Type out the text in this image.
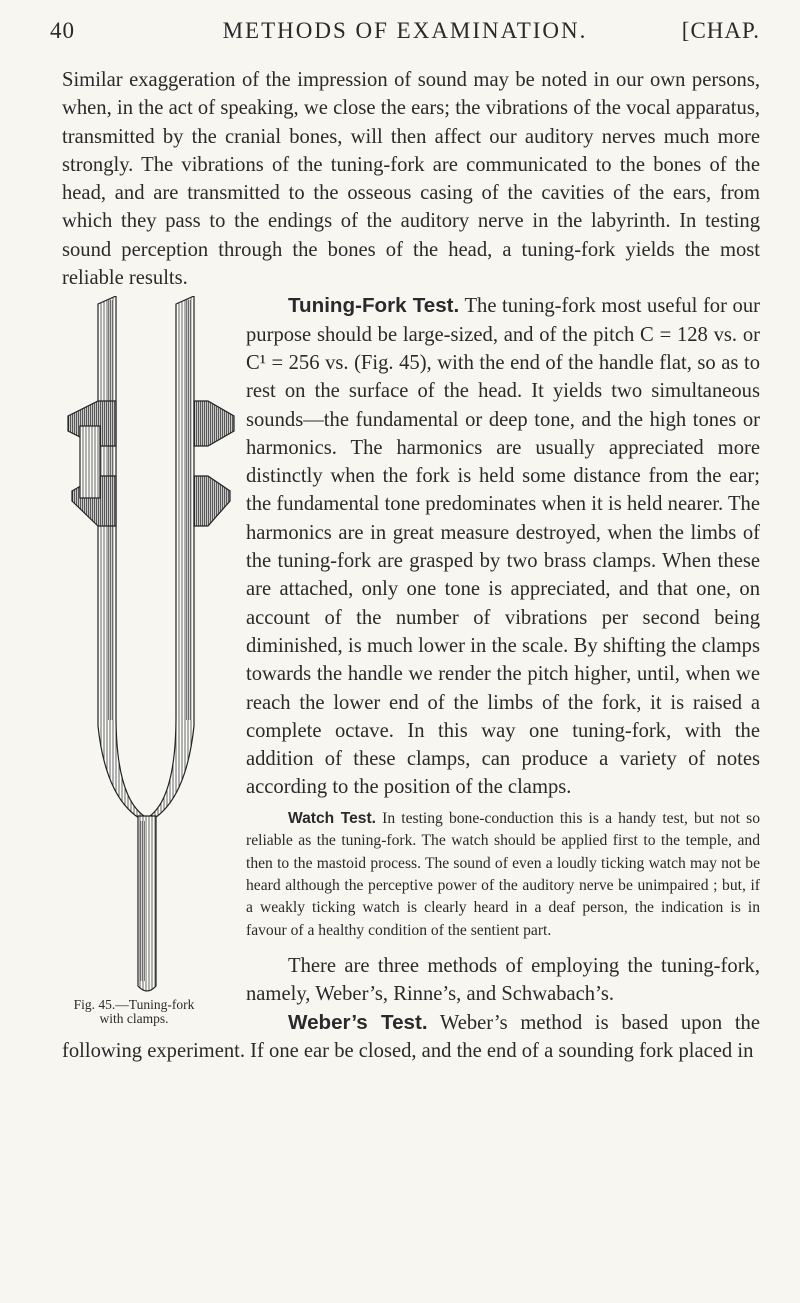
40	METHODS OF EXAMINATION.	[CHAP.

Similar exaggeration of the impression of sound may be noted in our own persons, when, in the act of speaking, we close the ears; the vibrations of the vocal apparatus, transmitted by the cranial bones, will then affect our auditory nerves much more strongly. The vibrations of the tuning-fork are communicated to the bones of the head, and are transmitted to the osseous casing of the cavities of the ears, from which they pass to the endings of the auditory nerve in the labyrinth. In testing sound perception through the bones of the head, a tuning-fork yields the most reliable results.

Fig. 45.—Tuning-fork
with clamps.

Tuning-Fork Test. The tuning-fork most useful for our purpose should be large-sized, and of the pitch C = 128 vs. or C¹ = 256 vs. (Fig. 45), with the end of the handle flat, so as to rest on the surface of the head. It yields two simultaneous sounds—the fundamental or deep tone, and the high tones or harmonics. The harmonics are usually appreciated more distinctly when the fork is held some distance from the ear; the fundamental tone predominates when it is held nearer. The harmonics are in great measure destroyed, when the limbs of the tuning-fork are grasped by two brass clamps. When these are attached, only one tone is appreciated, and that one, on account of the number of vibrations per second being diminished, is much lower in the scale. By shifting the clamps towards the handle we render the pitch higher, until, when we reach the lower end of the limbs of the fork, it is raised a complete octave. In this way one tuning-fork, with the addition of these clamps, can produce a variety of notes according to the position of the clamps.

Watch Test. In testing bone-conduction this is a handy test, but not so reliable as the tuning-fork. The watch should be applied first to the temple, and then to the mastoid process. The sound of even a loudly ticking watch may not be heard although the perceptive power of the auditory nerve be unimpaired ; but, if a weakly ticking watch is clearly heard in a deaf person, the indication is in favour of a healthy condition of the sentient part.

There are three methods of employing the tuning-fork, namely, Weber’s, Rinne’s, and Schwabach’s.

Weber’s Test. Weber’s method is based upon the following experiment. If one ear be closed, and the end of a sounding fork placed in
